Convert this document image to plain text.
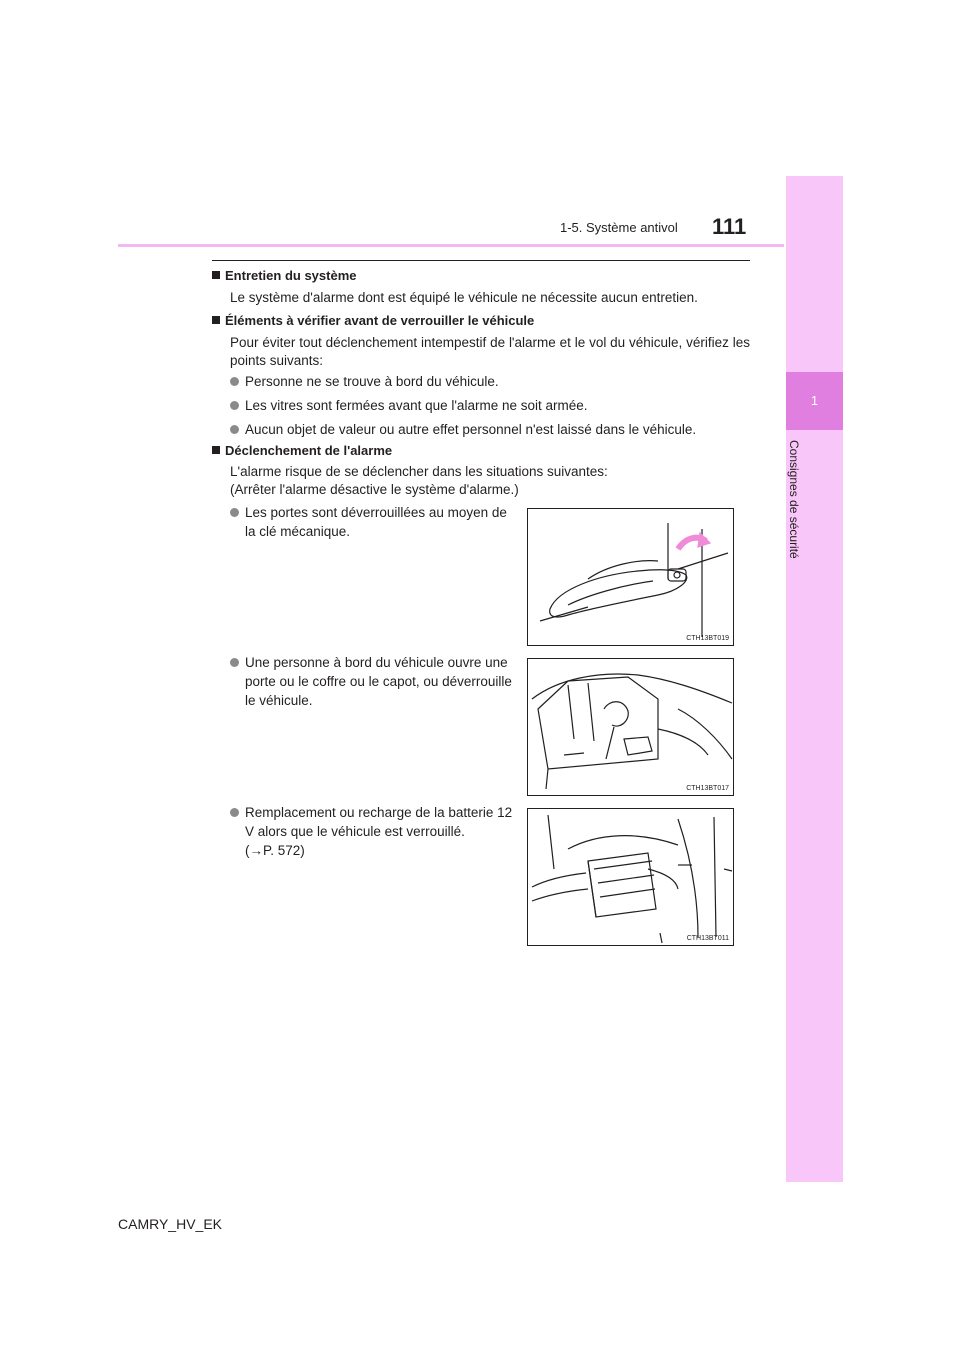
1-5. Système antivol	111
1
Consignes de sécurité
Entretien du système
Le système d'alarme dont est équipé le véhicule ne nécessite aucun entretien.
Éléments à vérifier avant de verrouiller le véhicule
Pour éviter tout déclenchement intempestif de l'alarme et le vol du véhicule, vérifiez les points suivants:
Personne ne se trouve à bord du véhicule.
Les vitres sont fermées avant que l'alarme ne soit armée.
Aucun objet de valeur ou autre effet personnel n'est laissé dans le véhicule.
Déclenchement de l'alarme
L'alarme risque de se déclencher dans les situations suivantes:
(Arrêter l'alarme désactive le système d'alarme.)
Les portes sont déverrouillées au moyen de
la clé mécanique.
CTH13BT019
Une personne à bord du véhicule ouvre une
porte ou le coffre ou le capot, ou déverrouille
le véhicule.
CTH13BT017
Remplacement ou recharge de la batterie 12
V alors que le véhicule est verrouillé.
(→P. 572)
CTH13BT011
CAMRY_HV_EK
